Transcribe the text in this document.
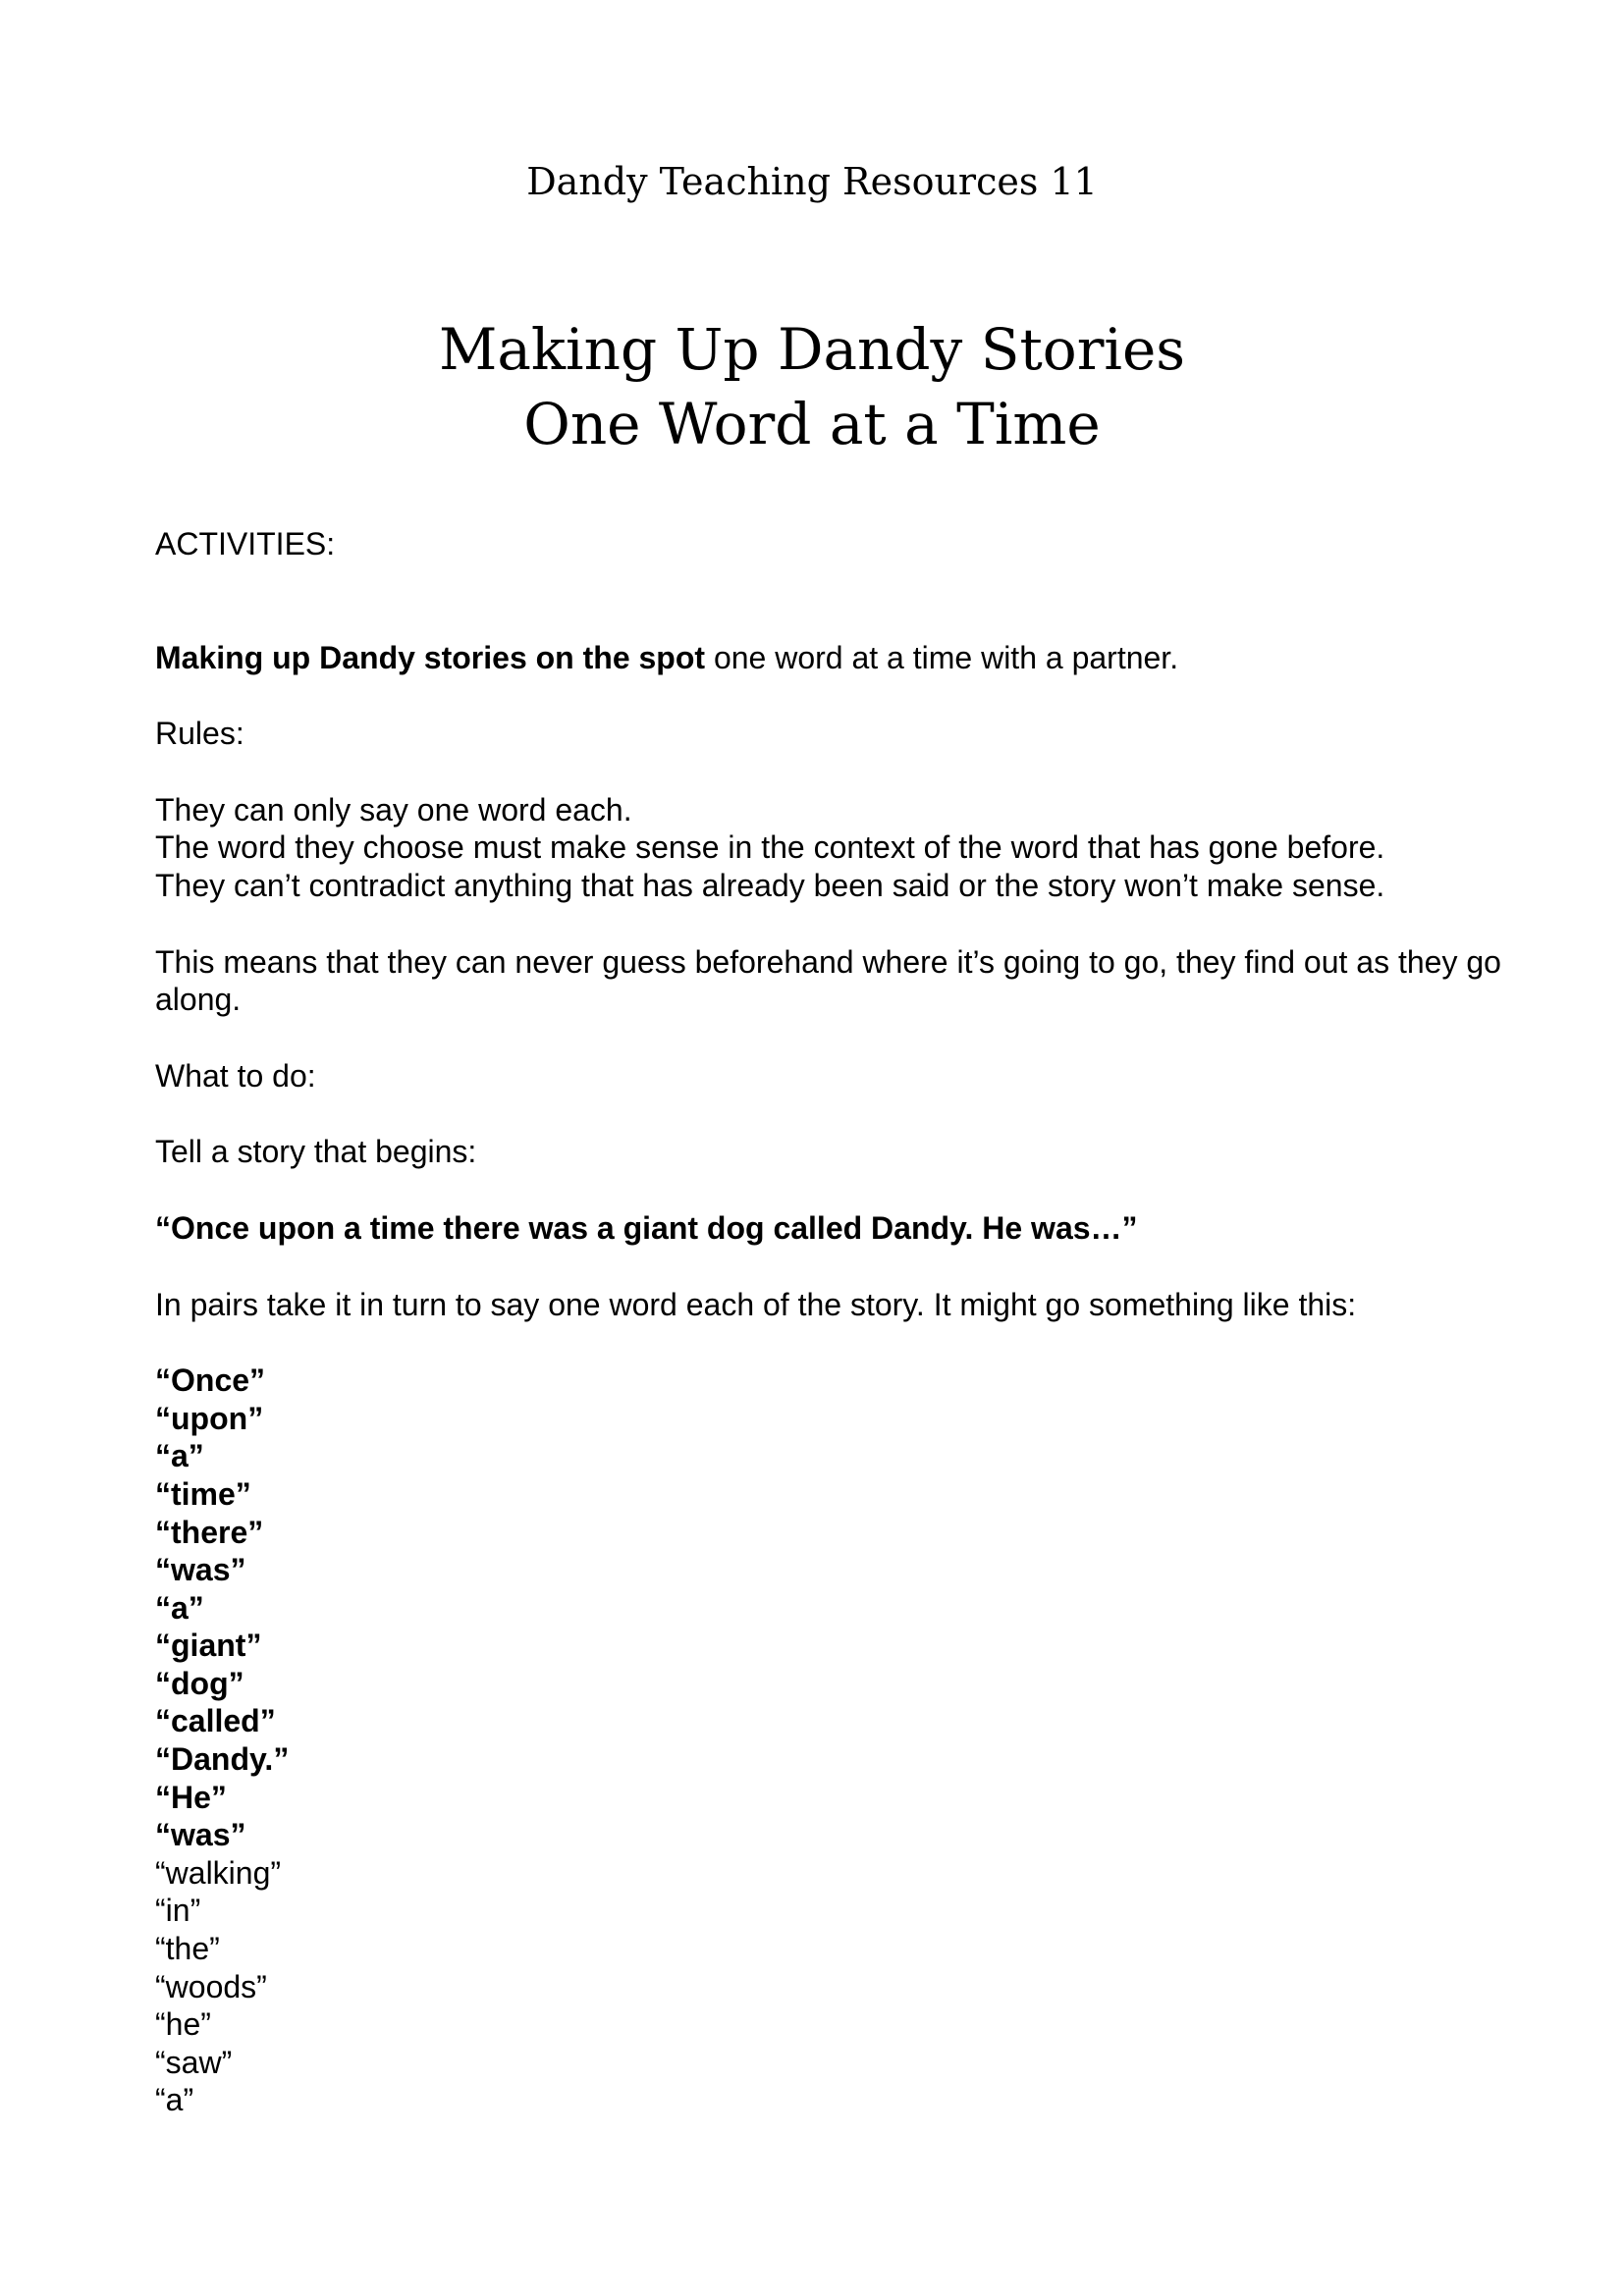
Dandy Teaching Resources 11
Making Up Dandy Stories
One Word at a Time

ACTIVITIES:

Making up Dandy stories on the spot one word at a time with a partner.

Rules:

They can only say one word each.

The word they choose must make sense in the context of the word that has gone before.

They can’t contradict anything that has already been said or the story won’t make sense.

This means that they can never guess beforehand where it’s going to go, they find out as they go along.

What to do:

Tell a story that begins:

“Once upon a time there was a giant dog called Dandy. He was…”

In pairs take it in turn to say one word each of the story. It might go something like this:

“Once”
“upon”
“a”
“time”
“there”
“was”
“a”
“giant”
“dog”
“called”
“Dandy.”
“He”
“was”
“walking”
“in”
“the”
“woods”
“he”
“saw”
“a”
